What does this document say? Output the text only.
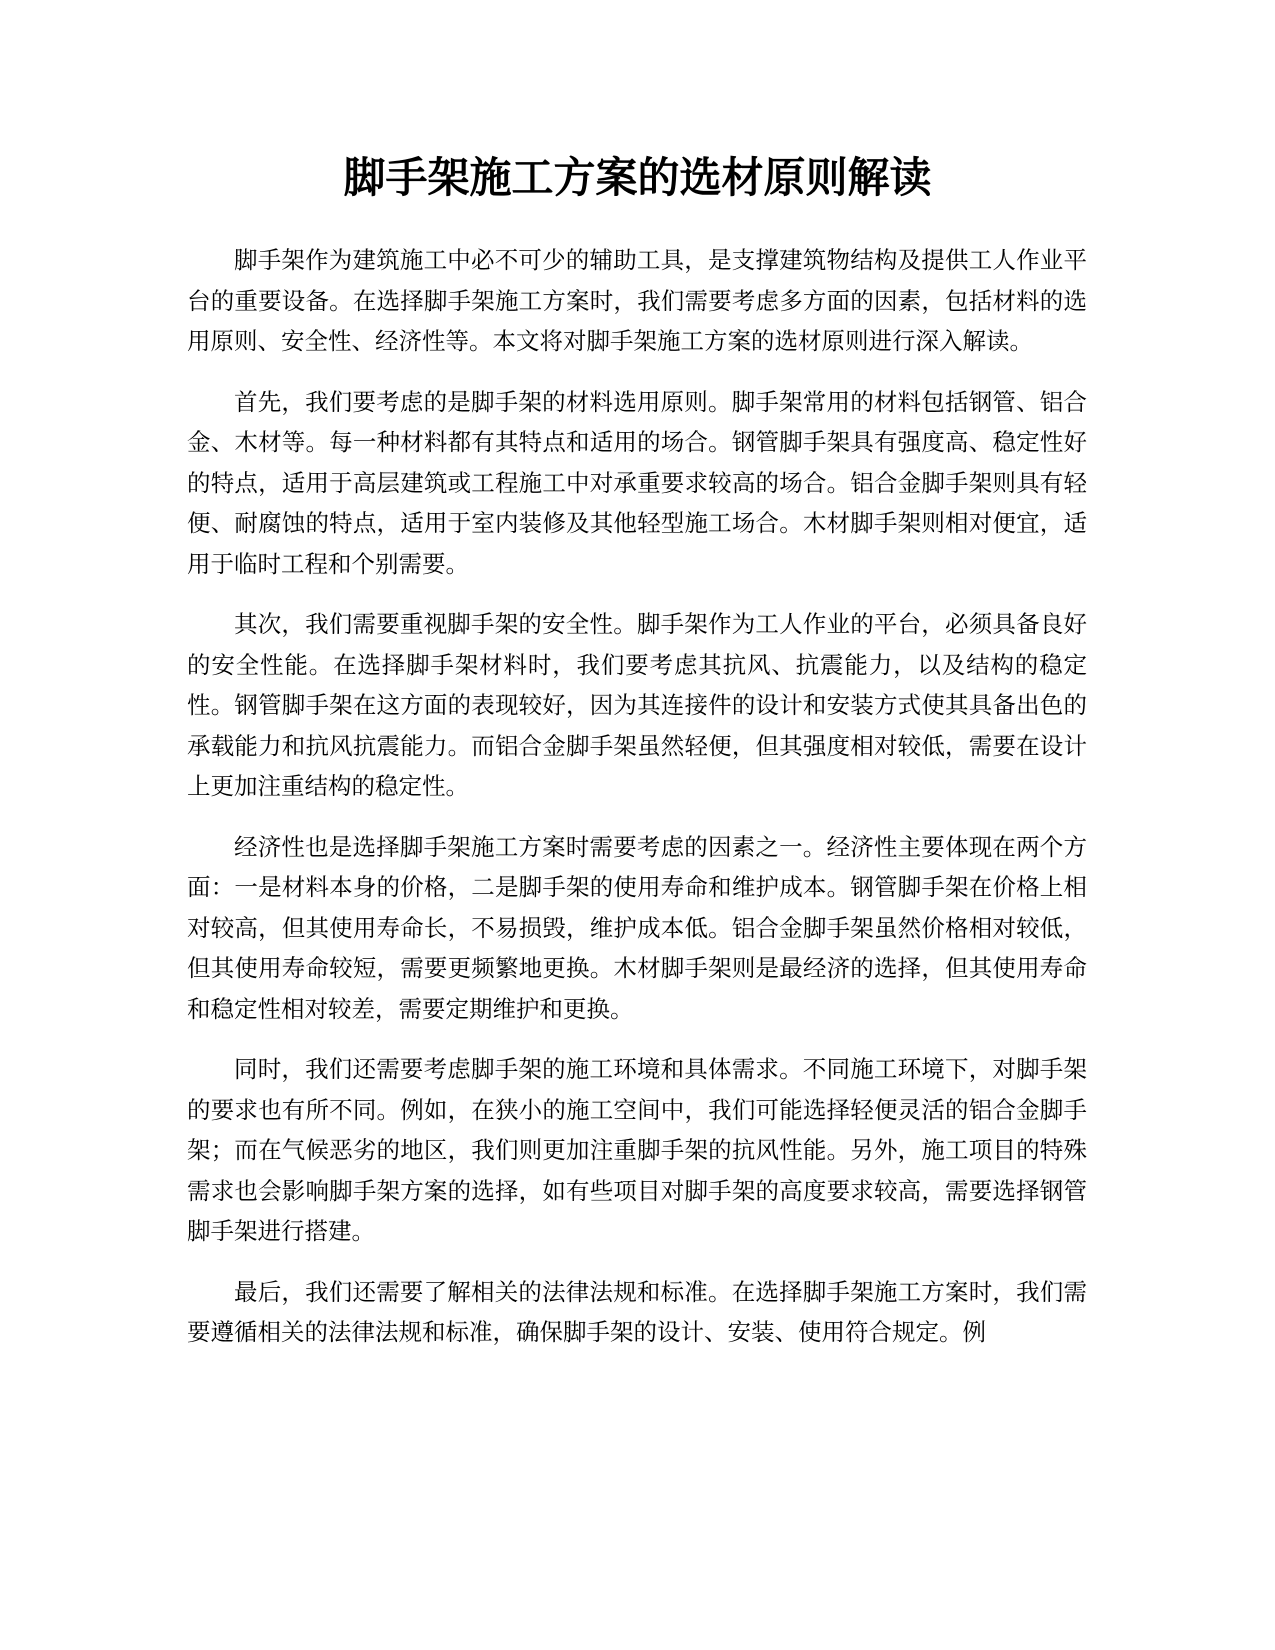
脚手架施工方案的选材原则解读

脚手架作为建筑施工中必不可少的辅助工具，是支撑建筑物结构及提供工人作业平台的重要设备。在选择脚手架施工方案时，我们需要考虑多方面的因素，包括材料的选用原则、安全性、经济性等。本文将对脚手架施工方案的选材原则进行深入解读。

首先，我们要考虑的是脚手架的材料选用原则。脚手架常用的材料包括钢管、铝合金、木材等。每一种材料都有其特点和适用的场合。钢管脚手架具有强度高、稳定性好的特点，适用于高层建筑或工程施工中对承重要求较高的场合。铝合金脚手架则具有轻便、耐腐蚀的特点，适用于室内装修及其他轻型施工场合。木材脚手架则相对便宜，适用于临时工程和个别需要。

其次，我们需要重视脚手架的安全性。脚手架作为工人作业的平台，必须具备良好的安全性能。在选择脚手架材料时，我们要考虑其抗风、抗震能力，以及结构的稳定性。钢管脚手架在这方面的表现较好，因为其连接件的设计和安装方式使其具备出色的承载能力和抗风抗震能力。而铝合金脚手架虽然轻便，但其强度相对较低，需要在设计上更加注重结构的稳定性。

经济性也是选择脚手架施工方案时需要考虑的因素之一。经济性主要体现在两个方面：一是材料本身的价格，二是脚手架的使用寿命和维护成本。钢管脚手架在价格上相对较高，但其使用寿命长，不易损毁，维护成本低。铝合金脚手架虽然价格相对较低，但其使用寿命较短，需要更频繁地更换。木材脚手架则是最经济的选择，但其使用寿命和稳定性相对较差，需要定期维护和更换。

同时，我们还需要考虑脚手架的施工环境和具体需求。不同施工环境下，对脚手架的要求也有所不同。例如，在狭小的施工空间中，我们可能选择轻便灵活的铝合金脚手架；而在气候恶劣的地区，我们则更加注重脚手架的抗风性能。另外，施工项目的特殊需求也会影响脚手架方案的选择，如有些项目对脚手架的高度要求较高，需要选择钢管脚手架进行搭建。

最后，我们还需要了解相关的法律法规和标准。在选择脚手架施工方案时，我们需要遵循相关的法律法规和标准，确保脚手架的设计、安装、使用符合规定。例
